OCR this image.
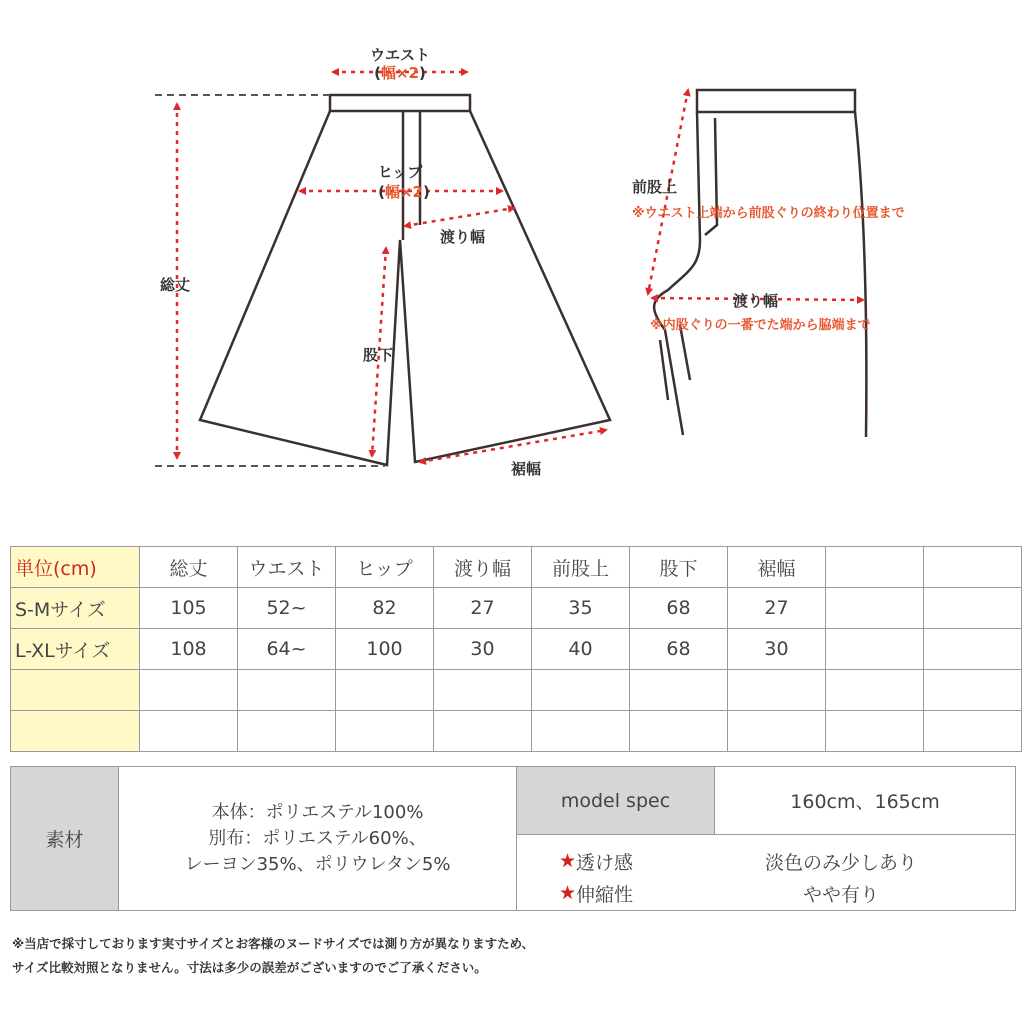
ウエスト
(幅×2)
ヒップ
(幅×2)
渡り幅
総丈
股下
裾幅
前股上
※ウエスト上端から前股ぐりの終わり位置まで
渡り幅
※内股ぐりの一番でた端から脇端まで
単位(cm)	総丈	ウエスト	ヒップ	渡り幅	前股上	股下	裾幅		
S-Mサイズ	105	52~	82	27	35	68	27		
L-XLサイズ	108	64~	100	30	40	68	30		

素材
本体：ポリエステル100%
別布：ポリエステル60%、
レーヨン35%、ポリウレタン5%
model spec	160cm、165cm
★ 透け感	淡色のみ少しあり
★ 伸縮性	やや有り
※当店で採寸しております実寸サイズとお客様のヌードサイズでは測り方が異なりますため、
サイズ比較対照となりません。寸法は多少の誤差がございますのでご了承ください。
